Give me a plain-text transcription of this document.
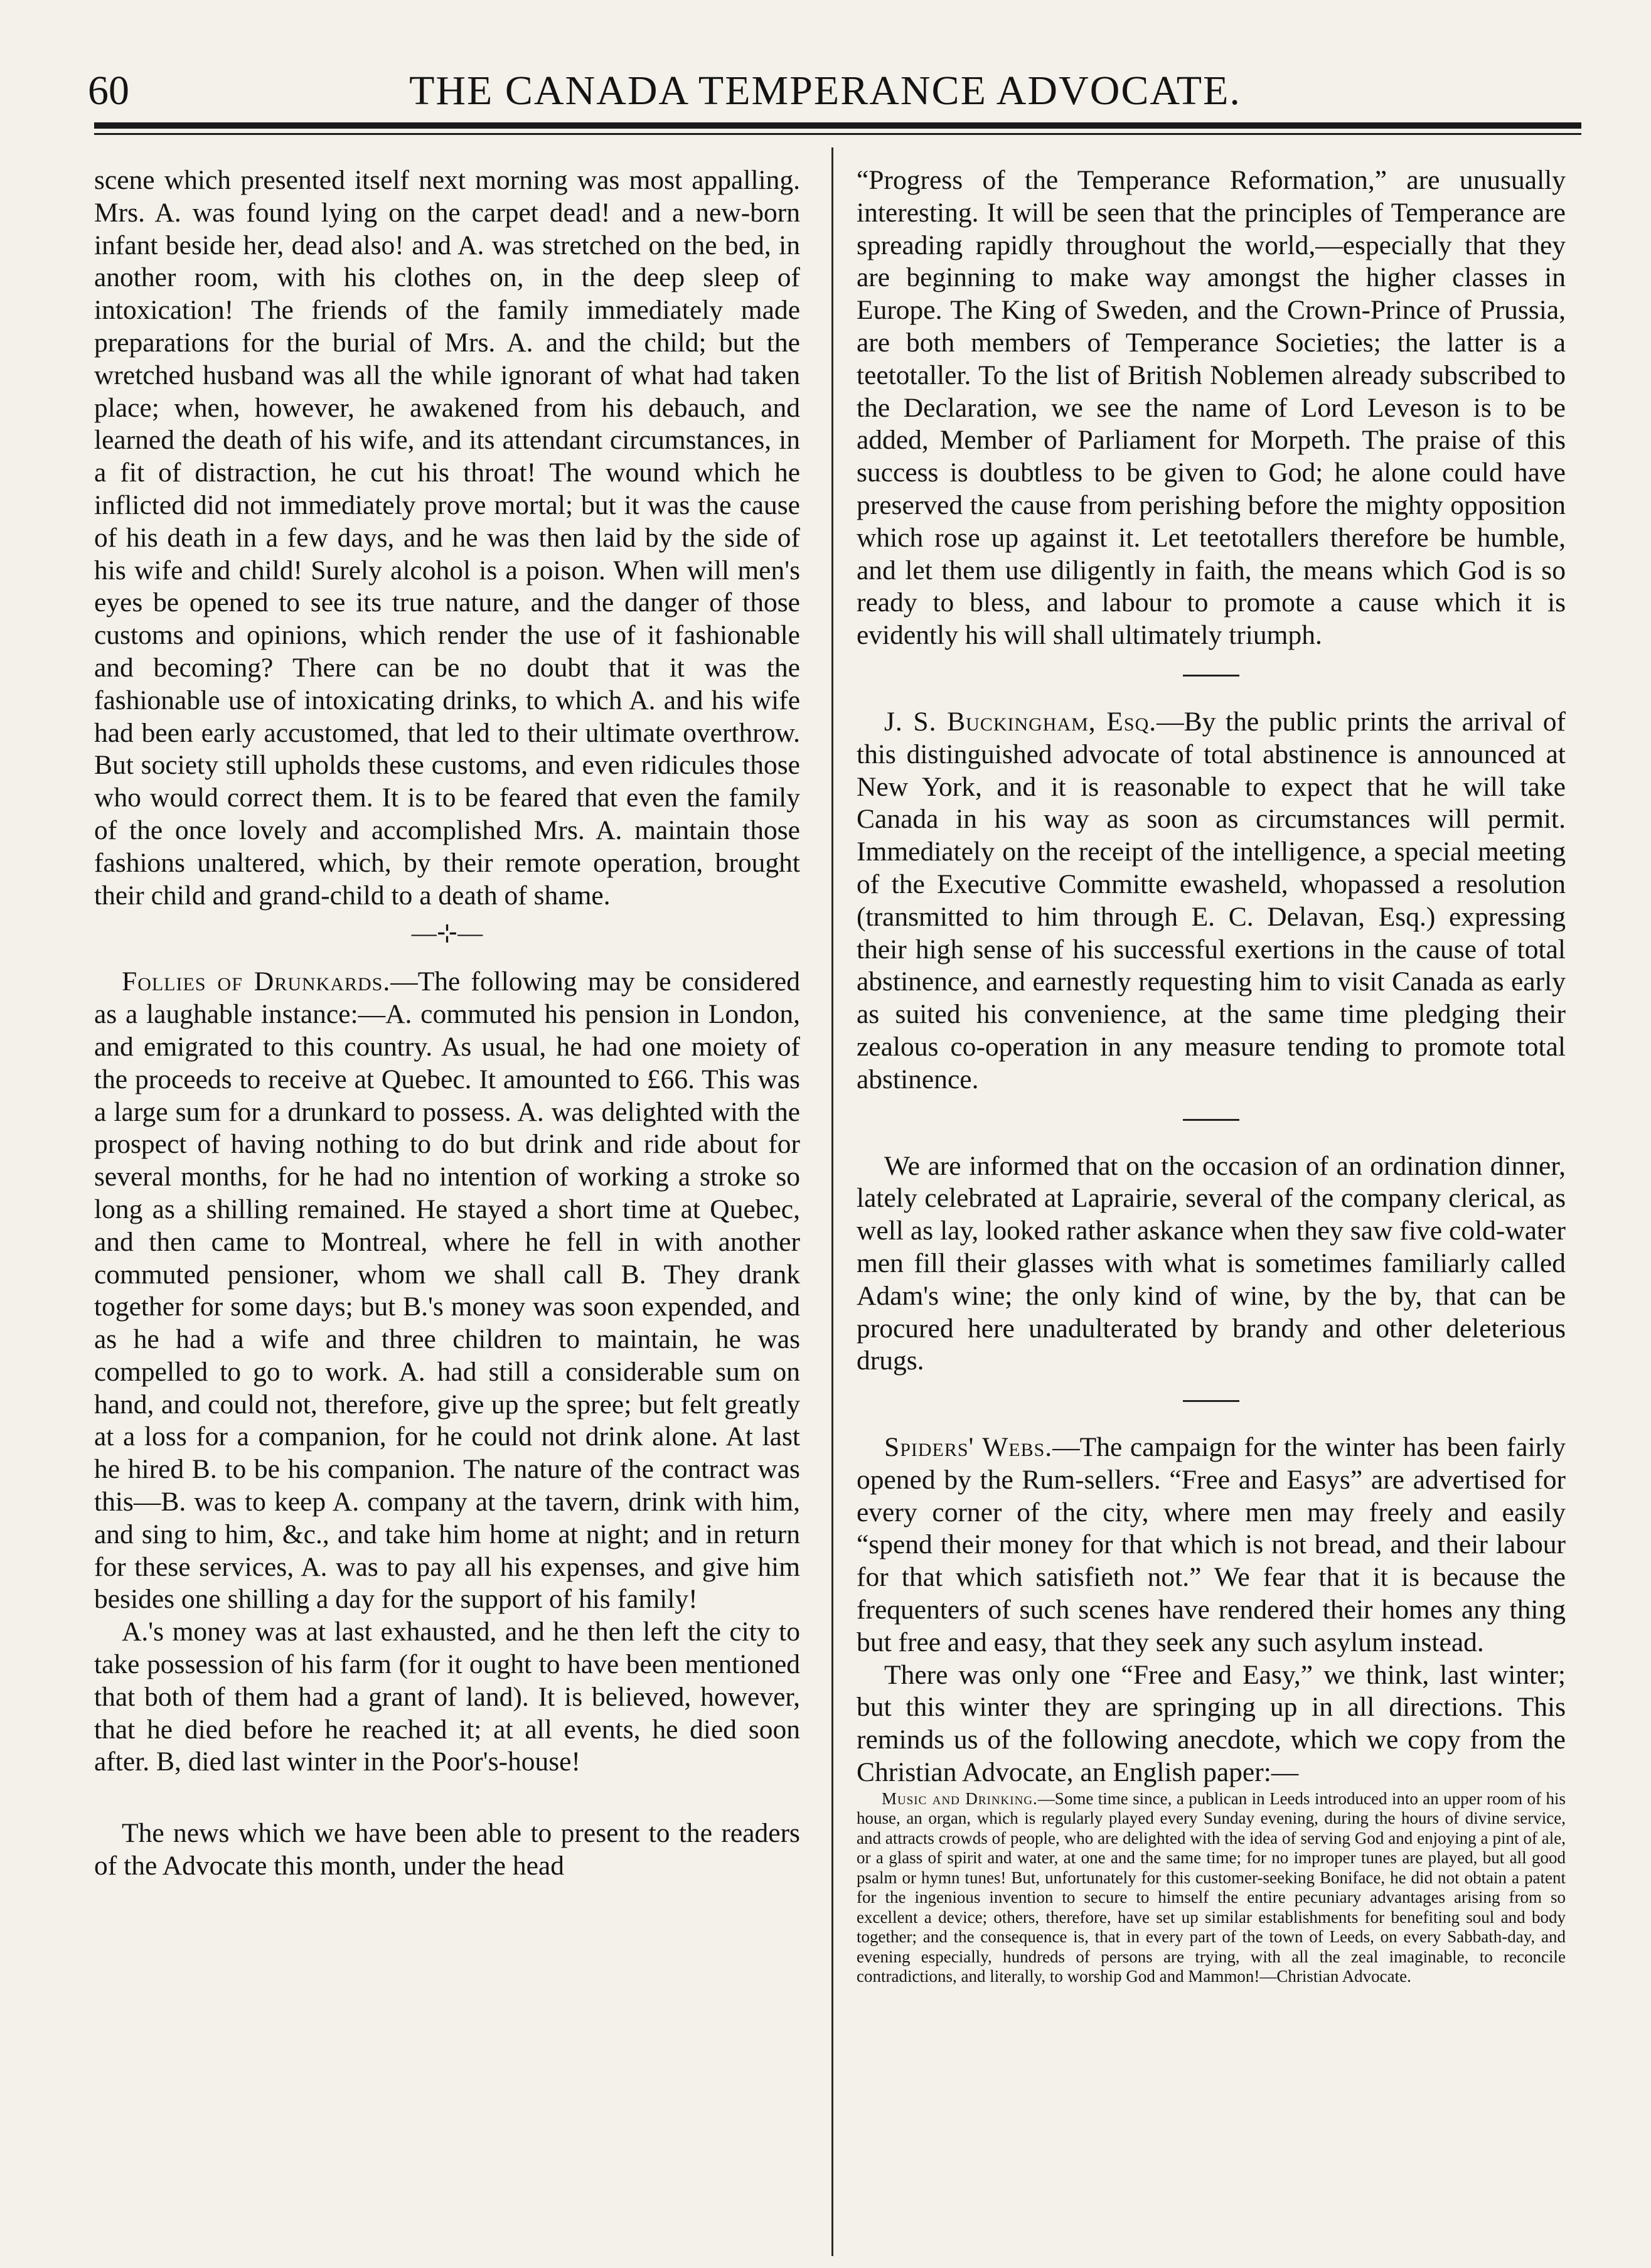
60	THE CANADA TEMPERANCE ADVOCATE.

scene which presented itself next morning was most appalling. Mrs. A. was found lying on the carpet dead! and a new-born infant beside her, dead also! and A. was stretched on the bed, in another room, with his clothes on, in the deep sleep of intoxication! The friends of the family immediately made preparations for the burial of Mrs. A. and the child; but the wretched husband was all the while ignorant of what had taken place; when, however, he awakened from his debauch, and learned the death of his wife, and its attendant circumstances, in a fit of distraction, he cut his throat! The wound which he inflicted did not immediately prove mortal; but it was the cause of his death in a few days, and he was then laid by the side of his wife and child! Surely alcohol is a poison. When will men's eyes be opened to see its true nature, and the danger of those customs and opinions, which render the use of it fashionable and becoming? There can be no doubt that it was the fashionable use of intoxicating drinks, to which A. and his wife had been early accustomed, that led to their ultimate overthrow. But society still upholds these customs, and even ridicules those who would correct them. It is to be feared that even the family of the once lovely and accomplished Mrs. A. maintain those fashions unaltered, which, by their remote operation, brought their child and grand-child to a death of shame.

—⊹—

Follies of Drunkards.—The following may be considered as a laughable instance:—A. commuted his pension in London, and emigrated to this country. As usual, he had one moiety of the proceeds to receive at Quebec. It amounted to £66. This was a large sum for a drunkard to possess. A. was delighted with the prospect of having nothing to do but drink and ride about for several months, for he had no intention of working a stroke so long as a shilling remained. He stayed a short time at Quebec, and then came to Montreal, where he fell in with another commuted pensioner, whom we shall call B. They drank together for some days; but B.'s money was soon expended, and as he had a wife and three children to maintain, he was compelled to go to work. A. had still a considerable sum on hand, and could not, therefore, give up the spree; but felt greatly at a loss for a companion, for he could not drink alone. At last he hired B. to be his companion. The nature of the contract was this—B. was to keep A. company at the tavern, drink with him, and sing to him, &c., and take him home at night; and in return for these services, A. was to pay all his expenses, and give him besides one shilling a day for the support of his family!

A.'s money was at last exhausted, and he then left the city to take possession of his farm (for it ought to have been mentioned that both of them had a grant of land). It is believed, however, that he died before he reached it; at all events, he died soon after. B, died last winter in the Poor's-house!

The news which we have been able to present to the readers of the Advocate this month, under the head

“Progress of the Temperance Reformation,” are unusually interesting. It will be seen that the principles of Temperance are spreading rapidly throughout the world,—especially that they are beginning to make way amongst the higher classes in Europe. The King of Sweden, and the Crown-Prince of Prussia, are both members of Temperance Societies; the latter is a teetotaller. To the list of British Noblemen already subscribed to the Declaration, we see the name of Lord Leveson is to be added, Member of Parliament for Morpeth. The praise of this success is doubtless to be given to God; he alone could have preserved the cause from perishing before the mighty opposition which rose up against it. Let teetotallers therefore be humble, and let them use diligently in faith, the means which God is so ready to bless, and labour to promote a cause which it is evidently his will shall ultimately triumph.

J. S. Buckingham, Esq.—By the public prints the arrival of this distinguished advocate of total abstinence is announced at New York, and it is reasonable to expect that he will take Canada in his way as soon as circumstances will permit. Immediately on the receipt of the intelligence, a special meeting of the Executive Committe ewasheld, whopassed a resolution (transmitted to him through E. C. Delavan, Esq.) expressing their high sense of his successful exertions in the cause of total abstinence, and earnestly requesting him to visit Canada as early as suited his convenience, at the same time pledging their zealous co-operation in any measure tending to promote total abstinence.

We are informed that on the occasion of an ordination dinner, lately celebrated at Laprairie, several of the company clerical, as well as lay, looked rather askance when they saw five cold-water men fill their glasses with what is sometimes familiarly called Adam's wine; the only kind of wine, by the by, that can be procured here unadulterated by brandy and other deleterious drugs.

Spiders' Webs.—The campaign for the winter has been fairly opened by the Rum-sellers. “Free and Easys” are advertised for every corner of the city, where men may freely and easily “spend their money for that which is not bread, and their labour for that which satisfieth not.” We fear that it is because the frequenters of such scenes have rendered their homes any thing but free and easy, that they seek any such asylum instead.

There was only one “Free and Easy,” we think, last winter; but this winter they are springing up in all directions. This reminds us of the following anecdote, which we copy from the Christian Advocate, an English paper:—

Music and Drinking.—Some time since, a publican in Leeds introduced into an upper room of his house, an organ, which is regularly played every Sunday evening, during the hours of divine service, and attracts crowds of people, who are delighted with the idea of serving God and enjoying a pint of ale, or a glass of spirit and water, at one and the same time; for no improper tunes are played, but all good psalm or hymn tunes! But, unfortunately for this customer-seeking Boniface, he did not obtain a patent for the ingenious invention to secure to himself the entire pecuniary advantages arising from so excellent a device; others, therefore, have set up similar establishments for benefiting soul and body together; and the consequence is, that in every part of the town of Leeds, on every Sabbath-day, and evening especially, hundreds of persons are trying, with all the zeal imaginable, to reconcile contradictions, and literally, to worship God and Mammon!—Christian Advocate.
